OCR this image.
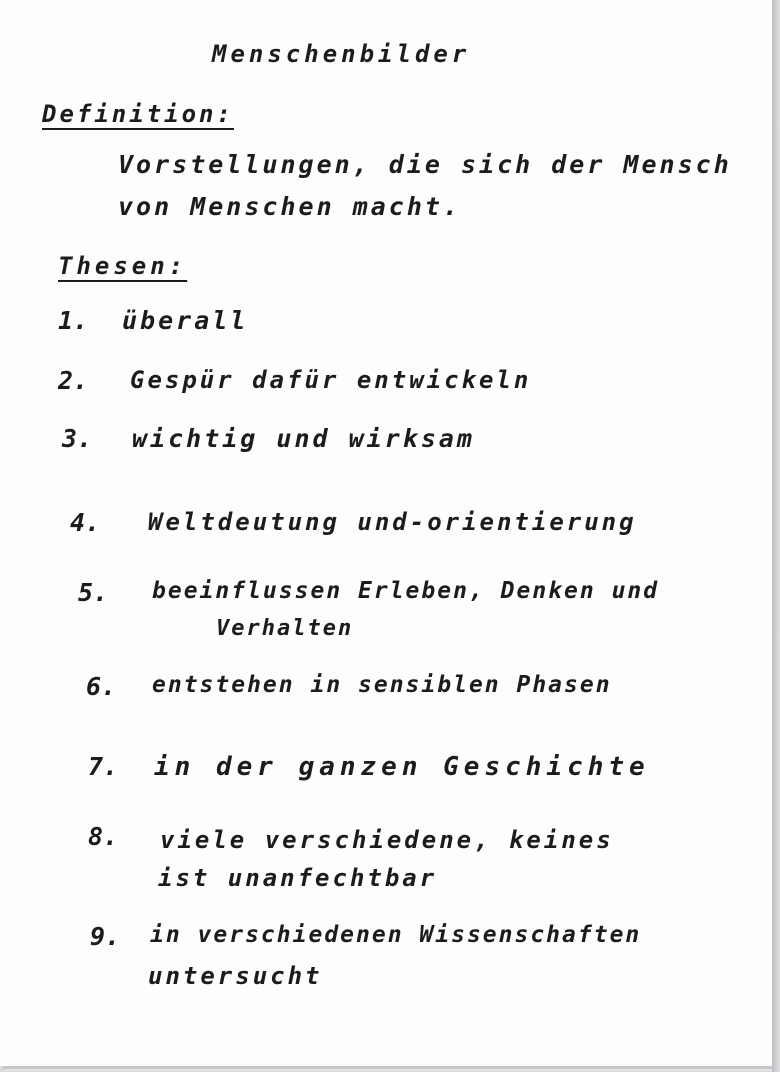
Menschenbilder
Definition:
Vorstellungen, die sich der Mensch
von Menschen macht.
Thesen:
1. überall
2. Gespür dafür entwickeln
3. wichtig und wirksam
4. Weltdeutung und-orientierung
5. beeinflussen Erleben, Denken und
Verhalten
6. entstehen in sensiblen Phasen
7. in der ganzen Geschichte
8. viele verschiedene, keines
ist unanfechtbar
9. in verschiedenen Wissenschaften
untersucht
